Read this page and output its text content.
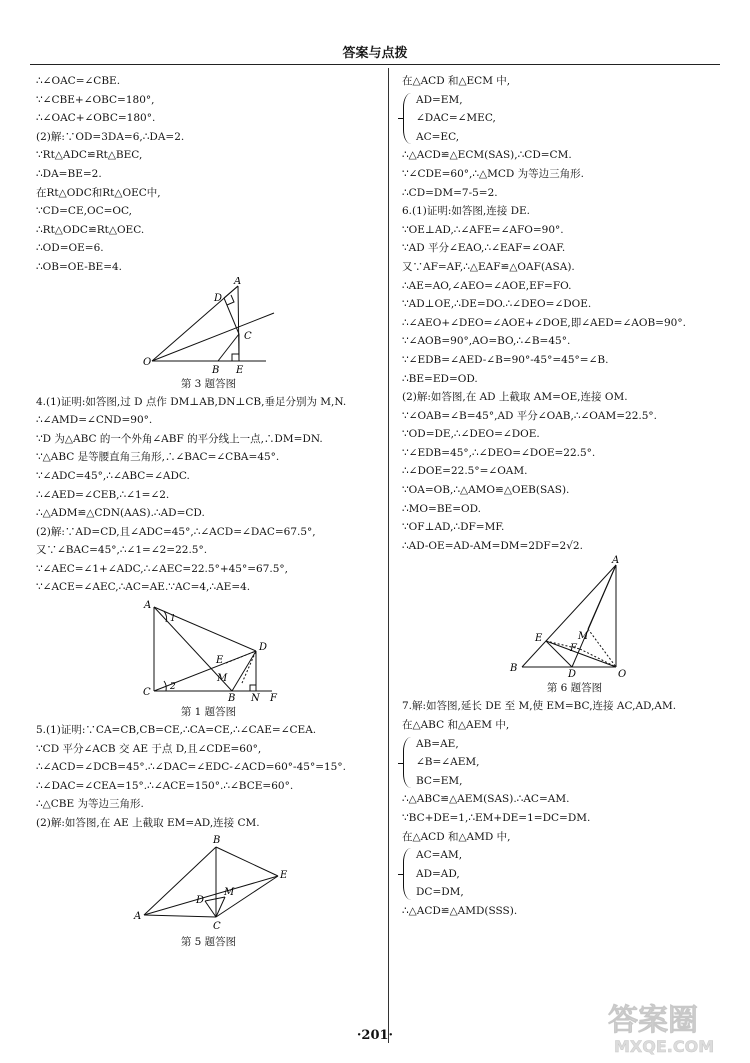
答案与点拨
∴∠OAC=∠CBE.
∵∠CBE+∠OBC=180°,
∴∠OAC+∠OBC=180°.
(2)解:∵OD=3DA=6,∴DA=2.
∵Rt△ADC≌Rt△BEC,
∴DA=BE=2.
在Rt△ODC和Rt△OEC中,
∵CD=CE,OC=OC,
∴Rt△ODC≌Rt△OEC.
∴OD=OE=6.
∴OB=OE-BE=4.
A
D
C
O
B E
第 3 题答图
4.(1)证明:如答图,过 D 点作 DM⊥AB,DN⊥CB,垂足分别为 M,N.
∴∠AMD=∠CND=90°.
∵D 为△ABC 的一个外角∠ABF 的平分线上一点,∴DM=DN.
∵△ABC 是等腰直角三角形,∴∠BAC=∠CBA=45°.
∵∠ADC=45°,∴∠ABC=∠ADC.
∴∠AED=∠CEB,∴∠1=∠2.
∴△ADM≌△CDN(AAS).∴AD=CD.
(2)解:∵AD=CD,且∠ADC=45°,∴∠ACD=∠DAC=67.5°,
又∵∠BAC=45°,∴∠1=∠2=22.5°.
∵∠AEC=∠1+∠ADC,∴∠AEC=22.5°+45°=67.5°,
∵∠ACE=∠AEC,∴AC=AE.∵AC=4,∴AE=4.
A
1
D
E
M
C 2
B N F
第 1 题答图
5.(1)证明:∵CA=CB,CB=CE,∴CA=CE,∴∠CAE=∠CEA.
∵CD 平分∠ACB 交 AE 于点 D,且∠CDE=60°,
∴∠ACD=∠DCB=45°.∴∠DAC=∠EDC-∠ACD=60°-45°=15°.
∴∠DAC=∠CEA=15°.∴∠ACE=150°.∴∠BCE=60°.
∴△CBE 为等边三角形.
(2)解:如答图,在 AE 上截取 EM=AD,连接 CM.
B
E
M
D
A
C
第 5 题答图
在△ACD 和△ECM 中,
AD=EM,
∠DAC=∠MEC,
AC=EC,
∴△ACD≌△ECM(SAS),∴CD=CM.
∵∠CDE=60°,∴△MCD 为等边三角形.
∴CD=DM=7-5=2.
6.(1)证明:如答图,连接 DE.
∵OE⊥AD,∴∠AFE=∠AFO=90°.
∵AD 平分∠EAO,∴∠EAF=∠OAF.
又∵AF=AF,∴△EAF≌△OAF(ASA).
∴AE=AO,∠AEO=∠AOE,EF=FO.
∵AD⊥OE,∴DE=DO.∴∠DEO=∠DOE.
∴∠AEO+∠DEO=∠AOE+∠DOE,即∠AED=∠AOB=90°.
∵∠AOB=90°,AO=BO,∴∠B=45°.
∵∠EDB=∠AED-∠B=90°-45°=45°=∠B.
∴BE=ED=OD.
(2)解:如答图,在 AD 上截取 AM=OE,连接 OM.
∵∠OAB=∠B=45°,AD 平分∠OAB,∴∠OAM=22.5°.
∵OD=DE,∴∠DEO=∠DOE.
∵∠EDB=45°,∴∠DEO=∠DOE=22.5°.
∴∠DOE=22.5°=∠OAM.
∵OA=OB,∴△AMO≌△OEB(SAS).
∴MO=BE=OD.
∵OF⊥AD,∴DF=MF.
∴AD-OE=AD-AM=DM=2DF=2√2.
A
E	M
F
B
D	O
第 6 题答图
7.解:如答图,延长 DE 至 M,使 EM=BC,连接 AC,AD,AM.
在△ABC 和△AEM 中,
AB=AE,
∠B=∠AEM,
BC=EM,
∴△ABC≌△AEM(SAS).∴AC=AM.
∵BC+DE=1,∴EM+DE=1=DC=DM.
在△ACD 和△AMD 中,
AC=AM,
AD=AD,
DC=DM,
∴△ACD≌△AMD(SSS).
·201·	答案圈
MXQE.COM
